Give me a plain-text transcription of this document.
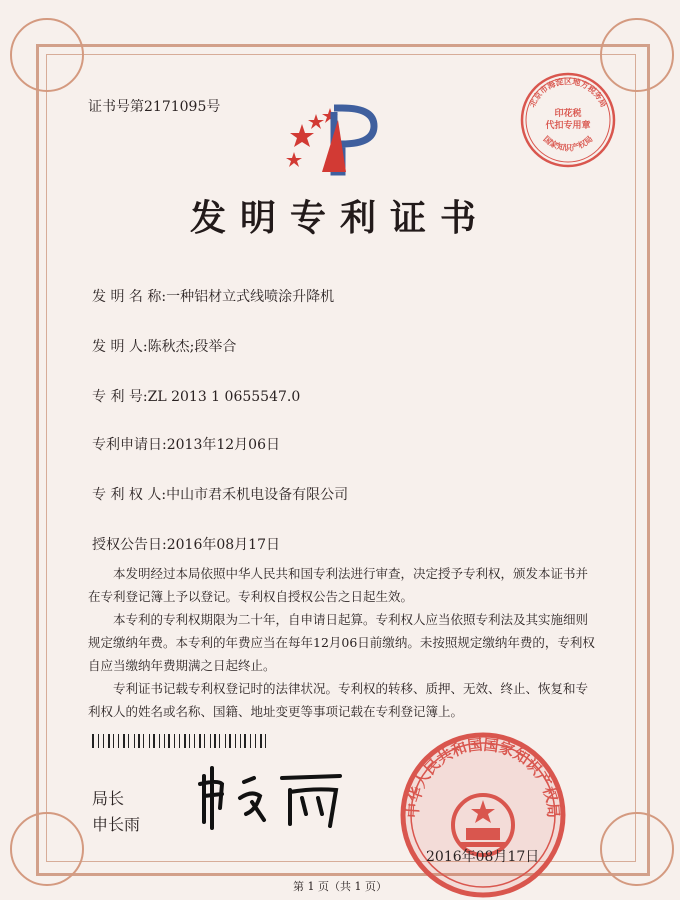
证书号第2171095号
发明专利证书
发 明 名 称:一种铝材立式线喷涂升降机
发 明 人:陈秋杰;段举合
专 利 号:ZL 2013 1 0655547.0
专利申请日:2013年12月06日
专 利 权 人:中山市君禾机电设备有限公司
授权公告日:2016年08月17日

本发明经过本局依照中华人民共和国专利法进行审查，决定授予专利权，颁发本证书并在专利登记簿上予以登记。专利权自授权公告之日起生效。

本专利的专利权期限为二十年，自申请日起算。专利权人应当依照专利法及其实施细则规定缴纳年费。本专利的年费应当在每年12月06日前缴纳。未按照规定缴纳年费的，专利权自应当缴纳年费期满之日起终止。

专利证书记载专利权登记时的法律状况。专利权的转移、质押、无效、终止、恢复和专利权人的姓名或名称、国籍、地址变更等事项记载在专利登记簿上。

局长
申长雨
中华人民共和国国家知识产权局
2016年08月17日
北京市海淀区地方税务局
印花税
代扣专用章
国家知识产权局
第 1 页（共 1 页）
